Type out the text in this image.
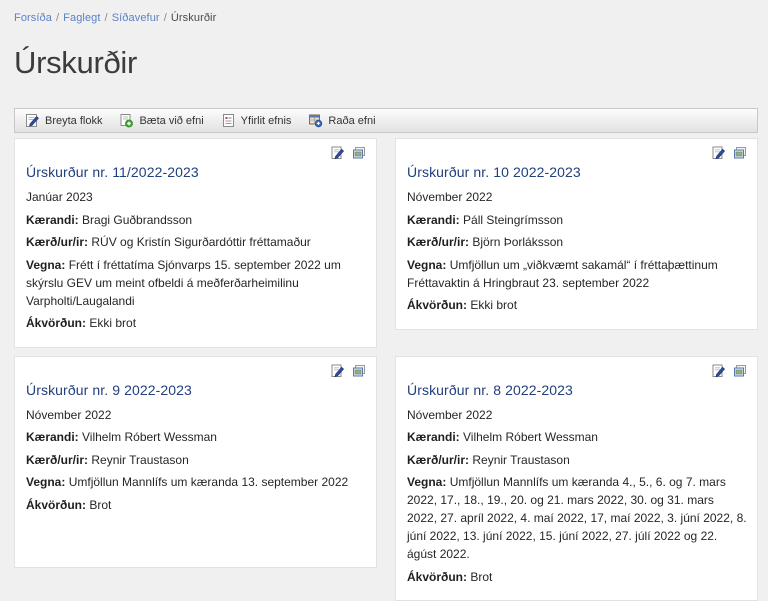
Forsíða / Faglegt / Síðavefur / Úrskurðir
Úrskurðir
Breyta flokk	Bæta við efni	Yfirlit efnis	Raða efni
Úrskurður nr. 11/2022-2023

Janúar 2023

Kærandi: Bragi Guðbrandsson

Kærð/ur/ir: RÚV og Kristín Sigurðardóttir fréttamaður

Vegna: Frétt í fréttatíma Sjónvarps 15. september 2022 um skýrslu GEV um meint ofbeldi á meðferðarheimilinu Varpholti/Laugalandi

Ákvörðun: Ekki brot

Úrskurður nr. 10 2022-2023

Nóvember 2022

Kærandi: Páll Steingrímsson

Kærð/ur/ir: Björn Þorláksson

Vegna: Umfjöllun um „viðkvæmt sakamál“ í fréttaþættinum Fréttavaktin á Hringbraut 23. september 2022

Ákvörðun: Ekki brot

Úrskurður nr. 9 2022-2023

Nóvember 2022

Kærandi: Vilhelm Róbert Wessman

Kærð/ur/ir: Reynir Traustason

Vegna: Umfjöllun Mannlífs um kæranda 13. september 2022

Ákvörðun: Brot

Úrskurður nr. 8 2022-2023

Nóvember 2022

Kærandi: Vilhelm Róbert Wessman

Kærð/ur/ir: Reynir Traustason

Vegna: Umfjöllun Mannlífs um kæranda 4., 5., 6. og 7. mars 2022, 17., 18., 19., 20. og 21. mars 2022, 30. og 31. mars 2022, 27. apríl 2022, 4. maí 2022, 17, maí 2022, 3. júní 2022, 8. júní 2022, 13. júní 2022, 15. júní 2022, 27. júlí 2022 og 22. ágúst 2022.

Ákvörðun: Brot
